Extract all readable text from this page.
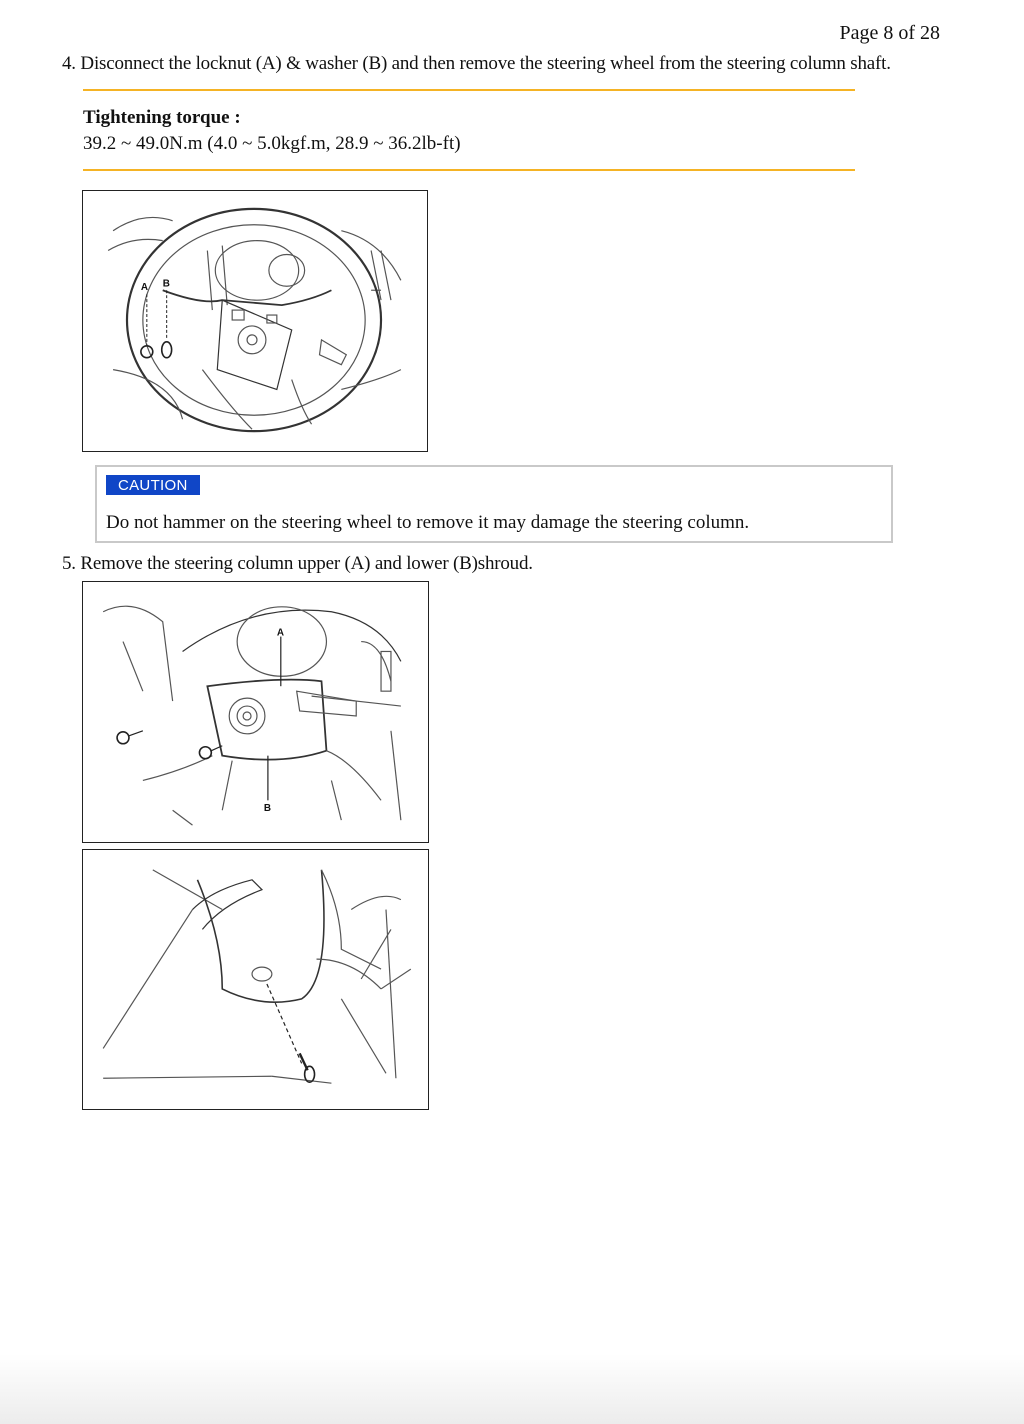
Page 8 of 28
4. Disconnect the locknut (A) & washer (B) and then remove the steering wheel from the steering column shaft.
Tightening torque :
39.2 ~ 49.0N.m (4.0 ~ 5.0kgf.m, 28.9 ~ 36.2lb-ft)
A B
CAUTION
Do not hammer on the steering wheel to remove it may damage the steering column.
5. Remove the steering column upper (A) and lower (B)shroud.
A
B
